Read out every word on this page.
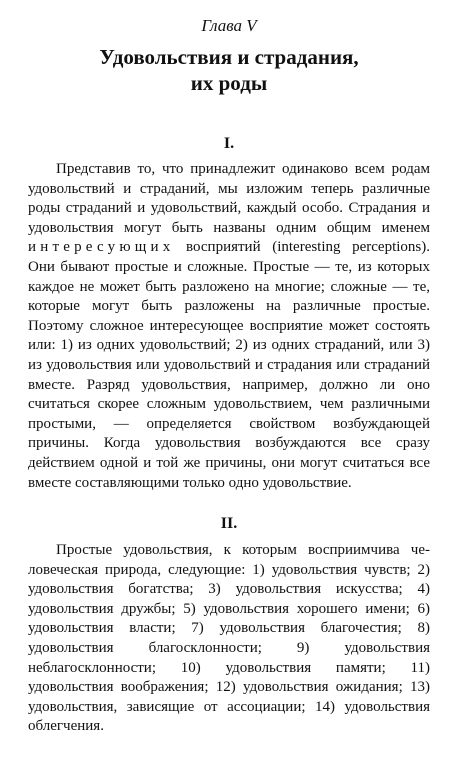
Глава V
Удовольствия и страдания,
их роды
I.

Представив то, что принадлежит одинаково всем родам удовольствий и страданий, мы изложим теперь различные роды страданий и удовольствий, каждый особо. Страдания и удовольствия могут быть названы одним общим именем интересующих восприятий (interesting perceptions). Они бывают простые и сложные. Простые — те, из которых каждое не может быть разложено на многие; сложные — те, которые могут быть разложены на различные простые. Поэтому сложное интересующее восприятие может состоять или: 1) из одних удовольствий; 2) из одних страданий, или 3) из удовольствия или удовольствий и страдания или страданий вместе. Разряд удовольствия, например, должно ли оно считаться скорее сложным удовольствием, чем различными простыми, — определяется свойством возбуждающей причины. Когда удовольствия возбуждаются все сразу действием одной и той же причины, они могут считаться все вместе составляющими только одно удовольствие.

II.

Простые удовольствия, к которым восприимчива человеческая природа, следующие: 1) удовольствия чувств; 2) удовольствия богатства; 3) удовольствия искусства; 4) удовольствия дружбы; 5) удовольствия хорошего имени; 6) удовольствия власти; 7) удовольствия благочестия; 8) удовольствия благосклонности; 9) удовольствия неблагосклонности; 10) удовольствия памяти; 11) удовольствия воображения; 12) удовольствия ожидания; 13) удовольствия, зависящие от ассоциации; 14) удовольствия облегчения.
